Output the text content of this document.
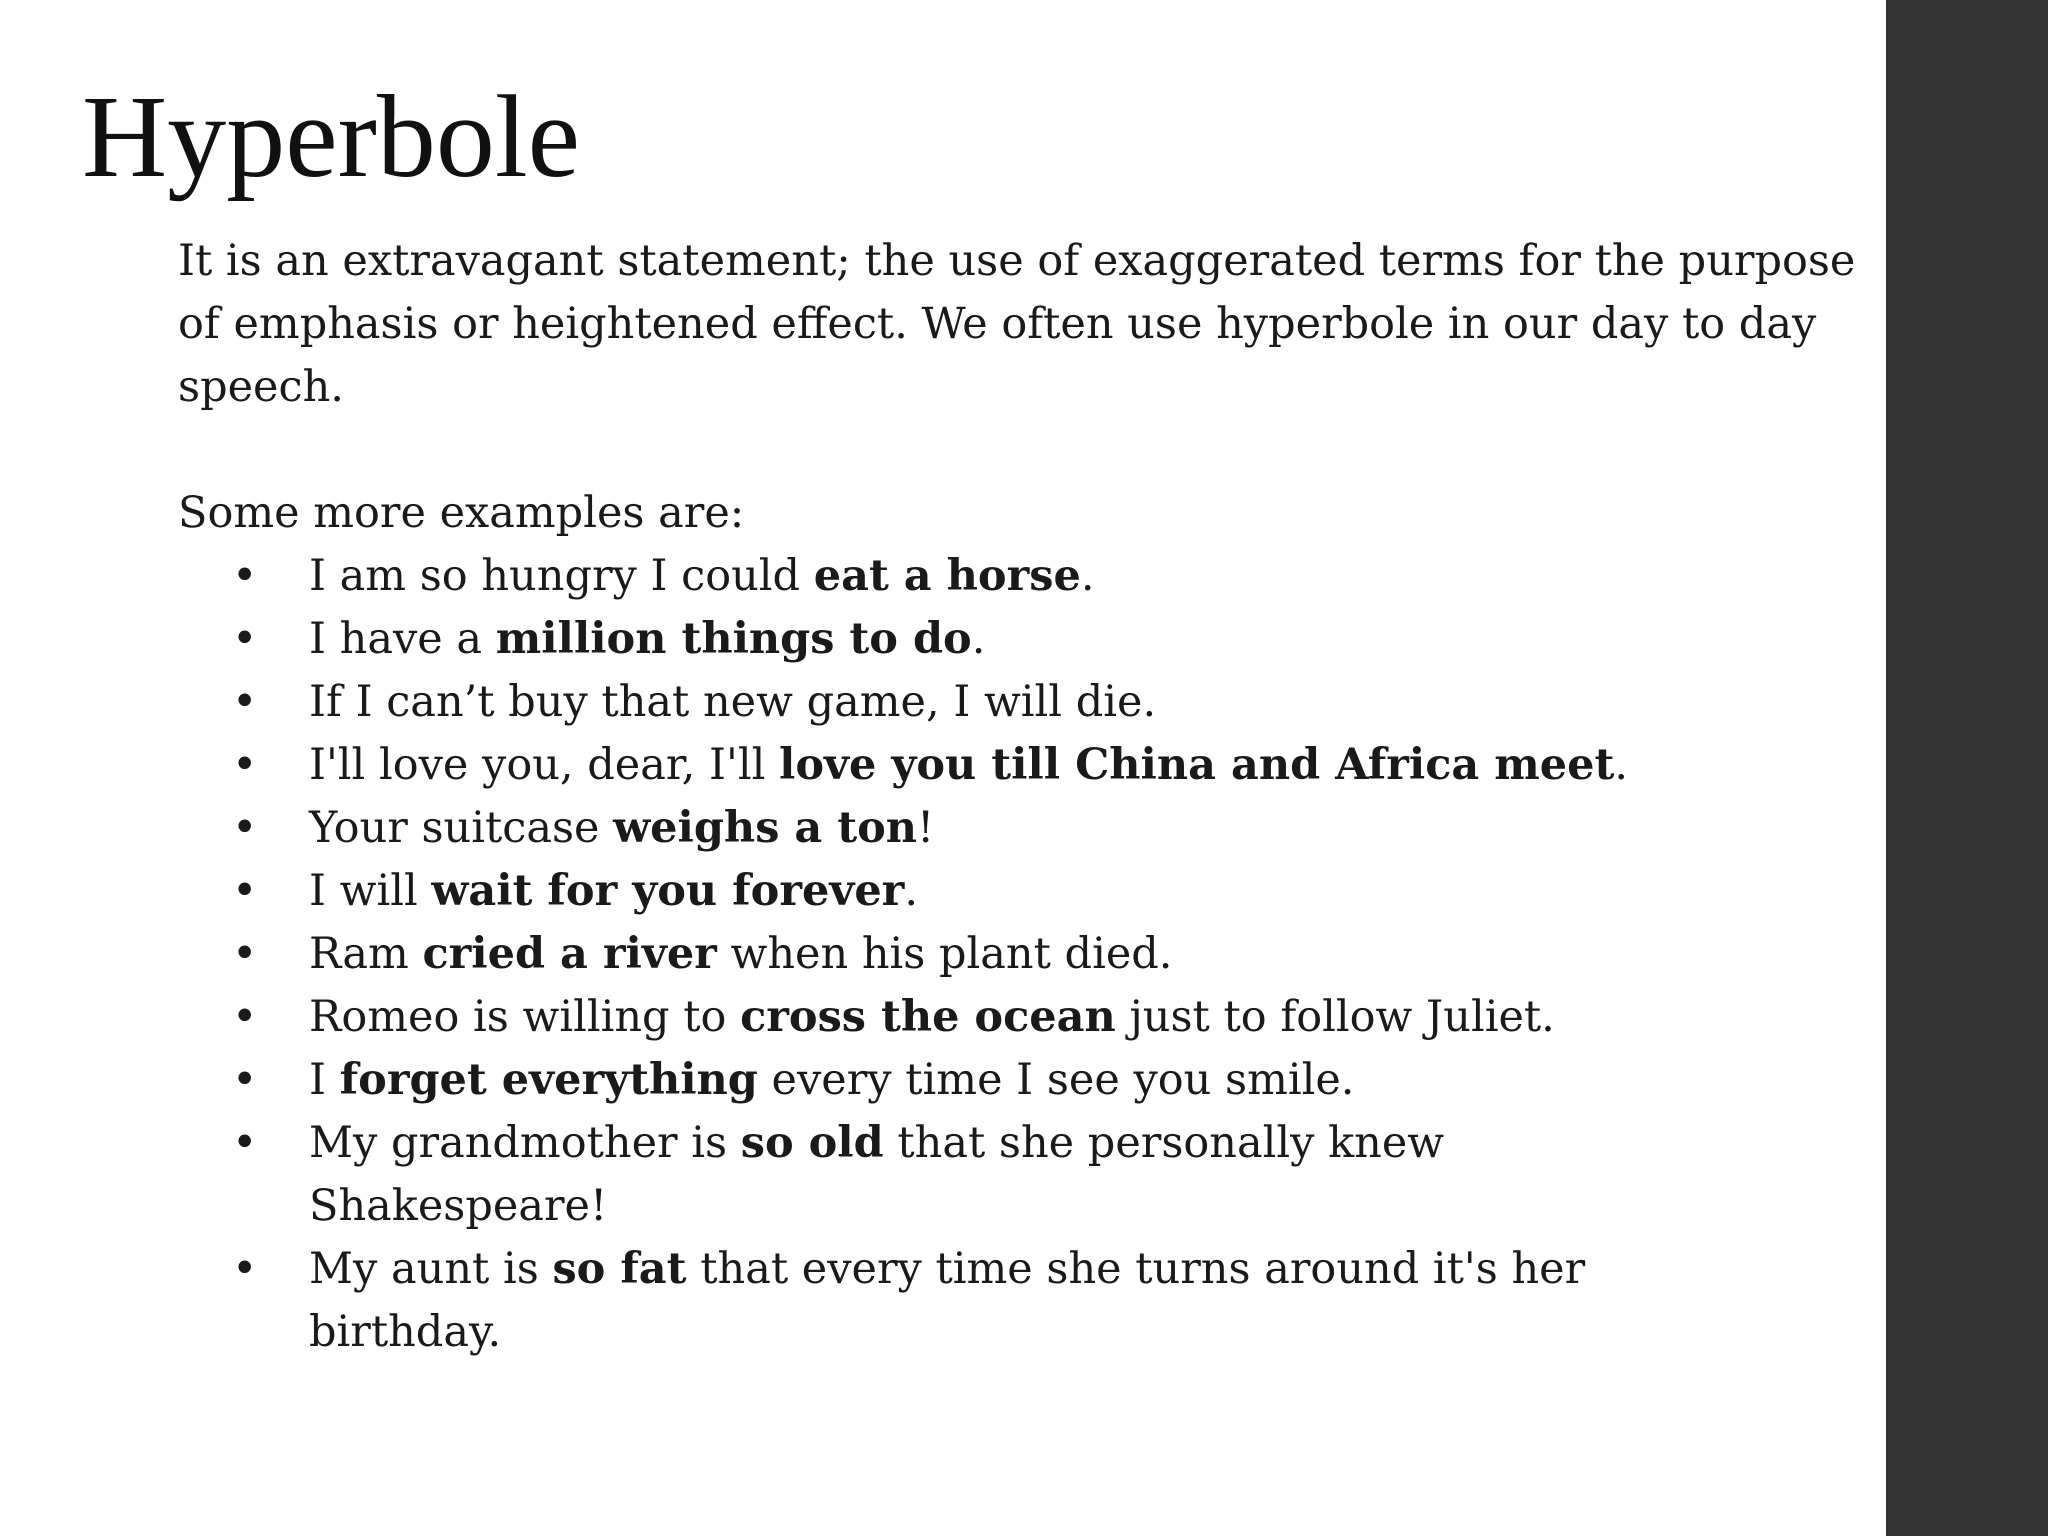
Hyperbole

It is an extravagant statement; the use of exaggerated terms for the purpose of emphasis or heightened effect. We often use hyperbole in our day to day speech.

Some more examples are:

• I am so hungry I could eat a horse.
• I have a million things to do.
• If I can’t buy that new game, I will die.
• I'll love you, dear, I'll love you till China and Africa meet.
• Your suitcase weighs a ton!
• I will wait for you forever.
• Ram cried a river when his plant died.
• Romeo is willing to cross the ocean just to follow Juliet.
• I forget everything every time I see you smile.
• My grandmother is so old that she personally knew Shakespeare!
• My aunt is so fat that every time she turns around it's her birthday.
